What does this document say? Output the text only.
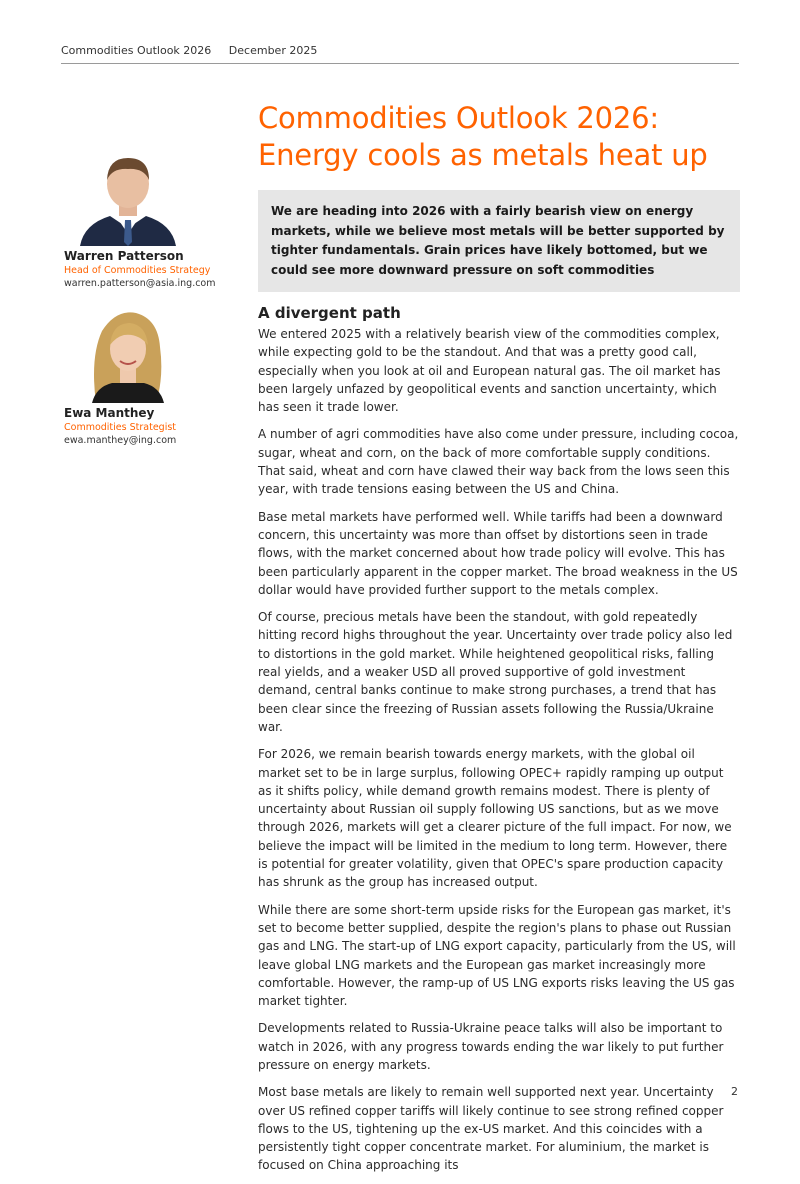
Commodities Outlook 2026 December 2025
Warren Patterson
Head of Commodities Strategy
warren.patterson@asia.ing.com
Ewa Manthey
Commodities Strategist
ewa.manthey@ing.com
Commodities Outlook 2026: Energy cools as metals heat up
We are heading into 2026 with a fairly bearish view on energy markets, while we believe most metals will be better supported by tighter fundamentals. Grain prices have likely bottomed, but we could see more downward pressure on soft commodities
A divergent path

We entered 2025 with a relatively bearish view of the commodities complex, while expecting gold to be the standout. And that was a pretty good call, especially when you look at oil and European natural gas. The oil market has been largely unfazed by geopolitical events and sanction uncertainty, which has seen it trade lower.

A number of agri commodities have also come under pressure, including cocoa, sugar, wheat and corn, on the back of more comfortable supply conditions. That said, wheat and corn have clawed their way back from the lows seen this year, with trade tensions easing between the US and China.

Base metal markets have performed well. While tariffs had been a downward concern, this uncertainty was more than offset by distortions seen in trade flows, with the market concerned about how trade policy will evolve. This has been particularly apparent in the copper market. The broad weakness in the US dollar would have provided further support to the metals complex.

Of course, precious metals have been the standout, with gold repeatedly hitting record highs throughout the year. Uncertainty over trade policy also led to distortions in the gold market. While heightened geopolitical risks, falling real yields, and a weaker USD all proved supportive of gold investment demand, central banks continue to make strong purchases, a trend that has been clear since the freezing of Russian assets following the Russia/Ukraine war.

For 2026, we remain bearish towards energy markets, with the global oil market set to be in large surplus, following OPEC+ rapidly ramping up output as it shifts policy, while demand growth remains modest. There is plenty of uncertainty about Russian oil supply following US sanctions, but as we move through 2026, markets will get a clearer picture of the full impact. For now, we believe the impact will be limited in the medium to long term. However, there is potential for greater volatility, given that OPEC's spare production capacity has shrunk as the group has increased output.

While there are some short-term upside risks for the European gas market, it's set to become better supplied, despite the region's plans to phase out Russian gas and LNG. The start-up of LNG export capacity, particularly from the US, will leave global LNG markets and the European gas market increasingly more comfortable. However, the ramp-up of US LNG exports risks leaving the US gas market tighter.

Developments related to Russia-Ukraine peace talks will also be important to watch in 2026, with any progress towards ending the war likely to put further pressure on energy markets.

Most base metals are likely to remain well supported next year. Uncertainty over US refined copper tariffs will likely continue to see strong refined copper flows to the US, tightening up the ex-US market. And this coincides with a persistently tight copper concentrate market. For aluminium, the market is focused on China approaching its

2
